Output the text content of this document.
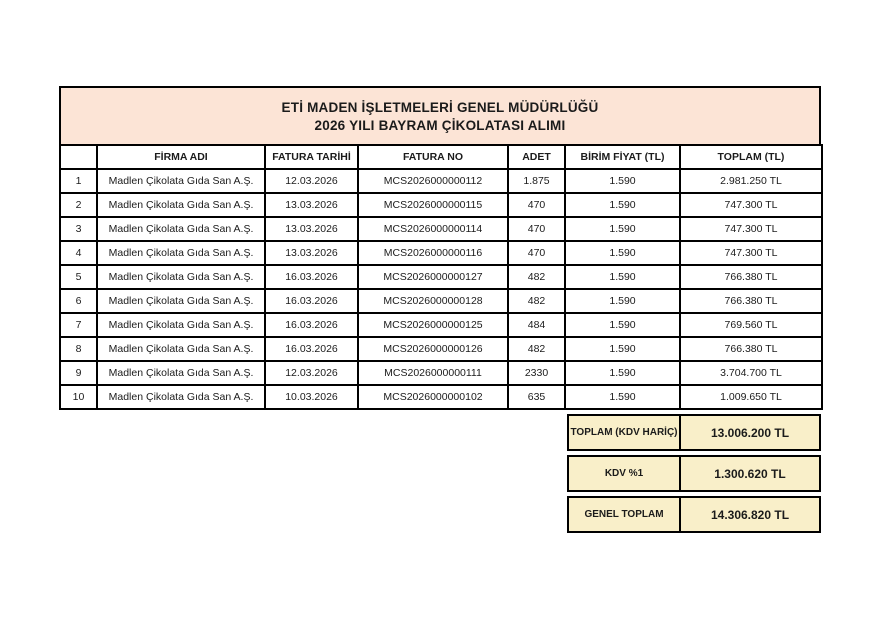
ETİ MADEN İŞLETMELERİ GENEL MÜDÜRLÜĞÜ
2026 YILI BAYRAM ÇİKOLATASI ALIMI
	FİRMA ADI	FATURA TARİHİ	FATURA NO	ADET	BİRİM FİYAT (TL)	TOPLAM (TL)
1	Madlen Çikolata Gıda San A.Ş.	12.03.2026	MCS2026000000112	1.875	1.590	2.981.250 TL
2	Madlen Çikolata Gıda San A.Ş.	13.03.2026	MCS2026000000115	470	1.590	747.300 TL
3	Madlen Çikolata Gıda San A.Ş.	13.03.2026	MCS2026000000114	470	1.590	747.300 TL
4	Madlen Çikolata Gıda San A.Ş.	13.03.2026	MCS2026000000116	470	1.590	747.300 TL
5	Madlen Çikolata Gıda San A.Ş.	16.03.2026	MCS2026000000127	482	1.590	766.380 TL
6	Madlen Çikolata Gıda San A.Ş.	16.03.2026	MCS2026000000128	482	1.590	766.380 TL
7	Madlen Çikolata Gıda San A.Ş.	16.03.2026	MCS2026000000125	484	1.590	769.560 TL
8	Madlen Çikolata Gıda San A.Ş.	16.03.2026	MCS2026000000126	482	1.590	766.380 TL
9	Madlen Çikolata Gıda San A.Ş.	12.03.2026	MCS2026000000111	2330	1.590	3.704.700 TL
10	Madlen Çikolata Gıda San A.Ş.	10.03.2026	MCS2026000000102	635	1.590	1.009.650 TL
TOPLAM (KDV HARİÇ)	13.006.200 TL
KDV %1	1.300.620 TL
GENEL TOPLAM	14.306.820 TL
